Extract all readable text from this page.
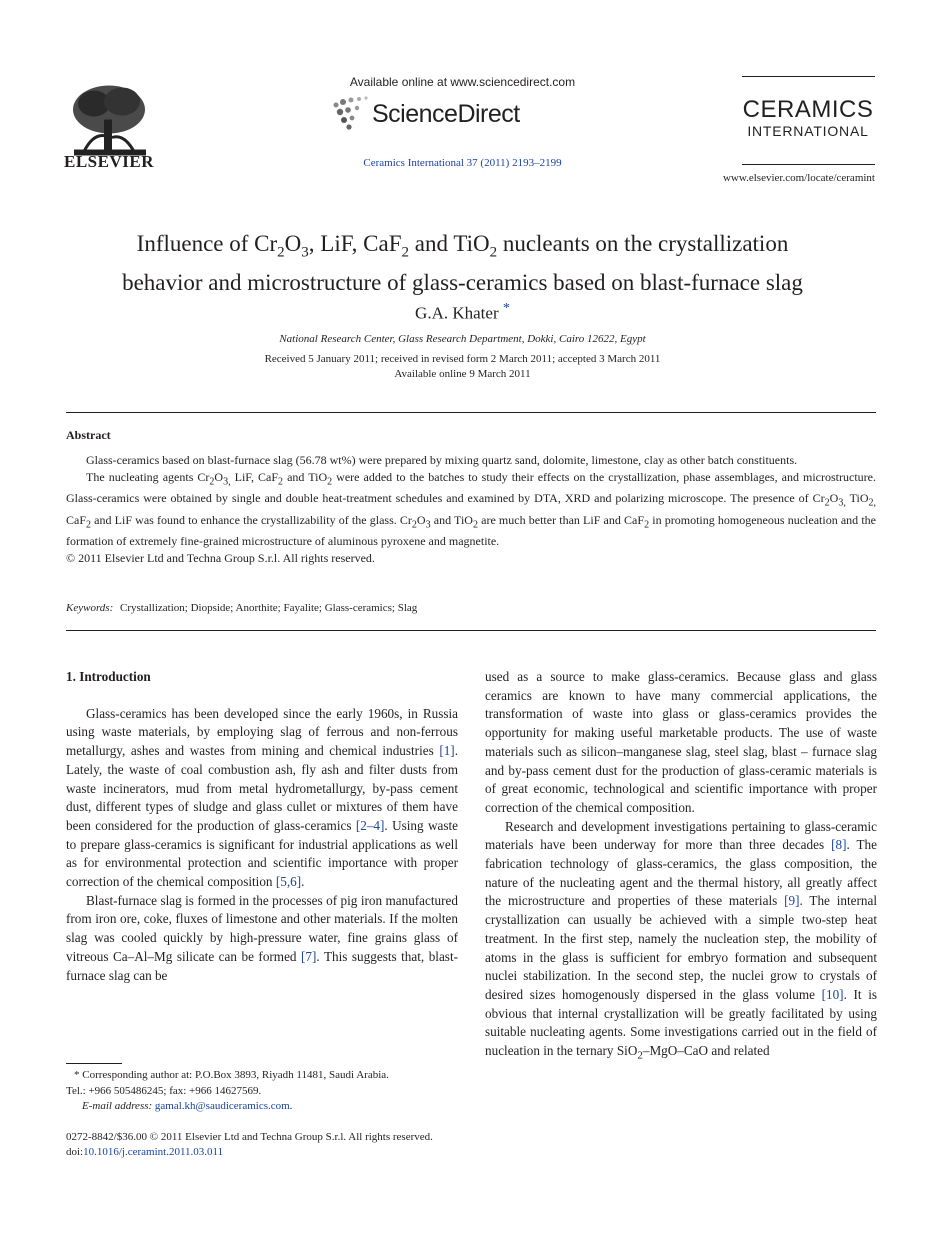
ELSEVIER
Available online at www.sciencedirect.com
ScienceDirect
Ceramics International 37 (2011) 2193–2199
CERAMICS
INTERNATIONAL
www.elsevier.com/locate/ceramint
Influence of $Cr_2O_3$, LiF, CaF$_2$ and TiO$_2$ nucleants on the crystallization
behavior and microstructure of glass-ceramics based on blast-furnace slag
G.A. Khater *
National Research Center, Glass Research Department, Dokki, Cairo 12622, Egypt
Received 5 January 2011; received in revised form 2 March 2011; accepted 3 March 2011
Available online 9 March 2011
Abstract

Glass-ceramics based on blast-furnace slag (56.78 wt%) were prepared by mixing quartz sand, dolomite, limestone, clay as other batch constituents.

The nucleating agents $Cr_2O_{3,}$ LiF, CaF$_2$ and TiO$_2$ were added to the batches to study their effects on the crystallization, phase assemblages, and microstructure. Glass-ceramics were obtained by single and double heat-treatment schedules and examined by DTA, XRD and polarizing microscope. The presence of $Cr_2O_{3,}$ TiO$_{2,}$ CaF$_2$ and LiF was found to enhance the crystallizability of the glass. $Cr_2O_3$ and TiO$_2$ are much better than LiF and CaF$_2$ in promoting homogeneous nucleation and the formation of extremely fine-grained microstructure of aluminous pyroxene and magnetite.

© 2011 Elsevier Ltd and Techna Group S.r.l. All rights reserved.

Keywords: Crystallization; Diopside; Anorthite; Fayalite; Glass-ceramics; Slag

1. Introduction

Glass-ceramics has been developed since the early 1960s, in Russia using waste materials, by employing slag of ferrous and non-ferrous metallurgy, ashes and wastes from mining and chemical industries [1]. Lately, the waste of coal combustion ash, fly ash and filter dusts from waste incinerators, mud from metal hydrometallurgy, by-pass cement dust, different types of sludge and glass cullet or mixtures of them have been considered for the production of glass-ceramics [2–4]. Using waste to prepare glass-ceramics is significant for industrial applications as well as for environmental protection and scientific importance with proper correction of the chemical composition [5,6].

Blast-furnace slag is formed in the processes of pig iron manufactured from iron ore, coke, fluxes of limestone and other materials. If the molten slag was cooled quickly by high-pressure water, fine grains glass of vitreous Ca–Al–Mg silicate can be formed [7]. This suggests that, blast-furnace slag can be

used as a source to make glass-ceramics. Because glass and glass ceramics are known to have many commercial applications, the transformation of waste into glass or glass-ceramics provides the opportunity for making useful marketable products. The use of waste materials such as silicon–manganese slag, steel slag, blast – furnace slag and by-pass cement dust for the production of glass-ceramic materials is of great economic, technological and scientific importance with proper correction of the chemical composition.

Research and development investigations pertaining to glass-ceramic materials have been underway for more than three decades [8]. The fabrication technology of glass-ceramics, the glass composition, the nature of the nucleating agent and the thermal history, all greatly affect the microstructure and properties of these materials [9]. The internal crystallization can usually be achieved with a simple two-step heat treatment. In the first step, namely the nucleation step, the mobility of atoms in the glass is sufficient for embryo formation and subsequent nuclei stabilization. In the second step, the nuclei grow to crystals of desired sizes homogenously dispersed in the glass volume [10]. It is obvious that internal crystallization will be greatly facilitated by using suitable nucleating agents. Some investigations carried out in the field of nucleation in the ternary SiO$_2$–MgO–CaO and related

* Corresponding author at: P.O.Box 3893, Riyadh 11481, Saudi Arabia.
Tel.: +966 505486245; fax: +966 14627569.
E-mail address: gamal.kh@saudiceramics.com.
0272-8842/$36.00 © 2011 Elsevier Ltd and Techna Group S.r.l. All rights reserved.
doi:10.1016/j.ceramint.2011.03.011
